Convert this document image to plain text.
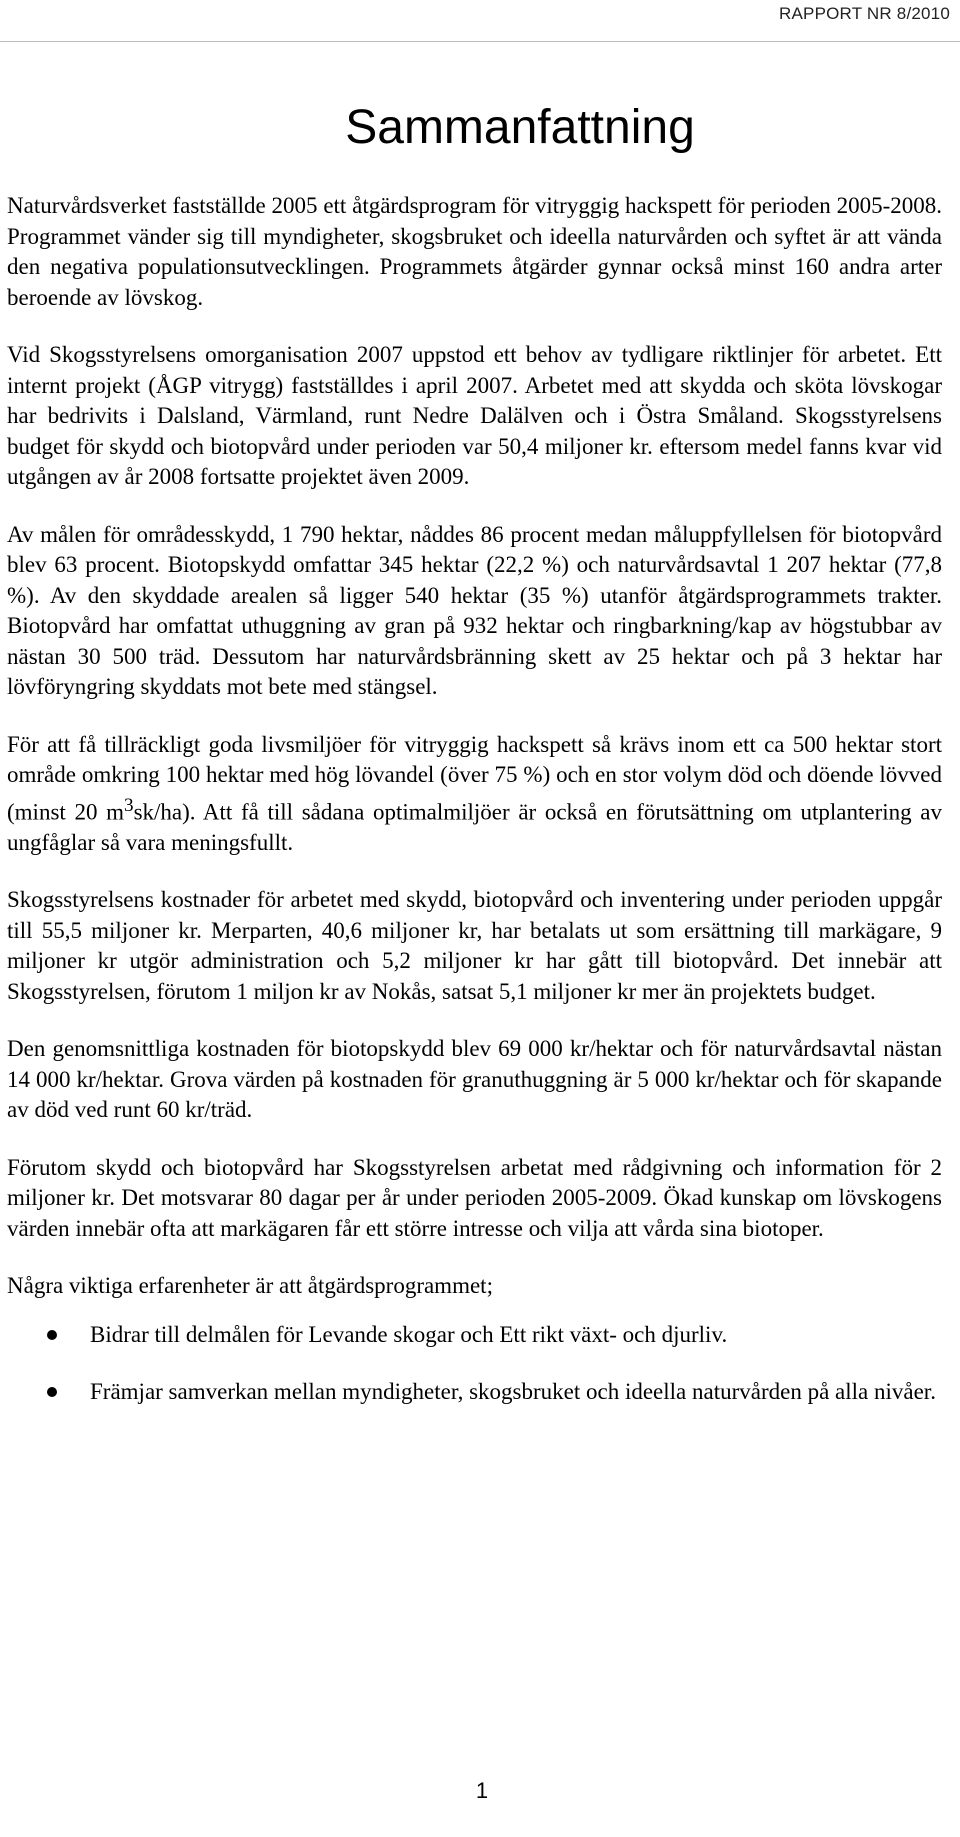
RAPPORT NR 8/2010
Sammanfattning

Naturvårdsverket fastställde 2005 ett åtgärdsprogram för vitryggig hackspett för perioden 2005-2008. Programmet vänder sig till myndigheter, skogsbruket och ideella naturvården och syftet är att vända den negativa populationsutvecklingen. Programmets åtgärder gynnar också minst 160 andra arter beroende av lövskog.

Vid Skogsstyrelsens omorganisation 2007 uppstod ett behov av tydligare riktlinjer för arbetet. Ett internt projekt (ÅGP vitrygg) fastställdes i april 2007. Arbetet med att skydda och sköta lövskogar har bedrivits i Dalsland, Värmland, runt Nedre Dalälven och i Östra Småland. Skogsstyrelsens budget för skydd och biotopvård under perioden var 50,4 miljoner kr. eftersom medel fanns kvar vid utgången av år 2008 fortsatte projektet även 2009.

Av målen för områdesskydd, 1 790 hektar, nåddes 86 procent medan måluppfyllelsen för biotopvård blev 63 procent. Biotopskydd omfattar 345 hektar (22,2 %) och naturvårdsavtal 1 207 hektar (77,8 %). Av den skyddade arealen så ligger 540 hektar (35 %) utanför åtgärdsprogrammets trakter. Biotopvård har omfattat uthuggning av gran på 932 hektar och ringbarkning/kap av högstubbar av nästan 30 500 träd. Dessutom har naturvårdsbränning skett av 25 hektar och på 3 hektar har lövföryngring skyddats mot bete med stängsel.

För att få tillräckligt goda livsmiljöer för vitryggig hackspett så krävs inom ett ca 500 hektar stort område omkring 100 hektar med hög lövandel (över 75 %) och en stor volym död och döende lövved (minst 20 $m^3sk/ha$). Att få till sådana optimalmiljöer är också en förutsättning om utplantering av ungfåglar så vara meningsfullt.

Skogsstyrelsens kostnader för arbetet med skydd, biotopvård och inventering under perioden uppgår till 55,5 miljoner kr. Merparten, 40,6 miljoner kr, har betalats ut som ersättning till markägare, 9 miljoner kr utgör administration och 5,2 miljoner kr har gått till biotopvård. Det innebär att Skogsstyrelsen, förutom 1 miljon kr av Nokås, satsat 5,1 miljoner kr mer än projektets budget.

Den genomsnittliga kostnaden för biotopskydd blev 69 000 kr/hektar och för naturvårdsavtal nästan 14 000 kr/hektar. Grova värden på kostnaden för granuthuggning är 5 000 kr/hektar och för skapande av död ved runt 60 kr/träd.

Förutom skydd och biotopvård har Skogsstyrelsen arbetat med rådgivning och information för 2 miljoner kr. Det motsvarar 80 dagar per år under perioden 2005-2009. Ökad kunskap om lövskogens värden innebär ofta att markägaren får ett större intresse och vilja att vårda sina biotoper.

Några viktiga erfarenheter är att åtgärdsprogrammet;

Bidrar till delmålen för Levande skogar och Ett rikt växt- och djurliv.
Främjar samverkan mellan myndigheter, skogsbruket och ideella naturvården på alla nivåer.
1
